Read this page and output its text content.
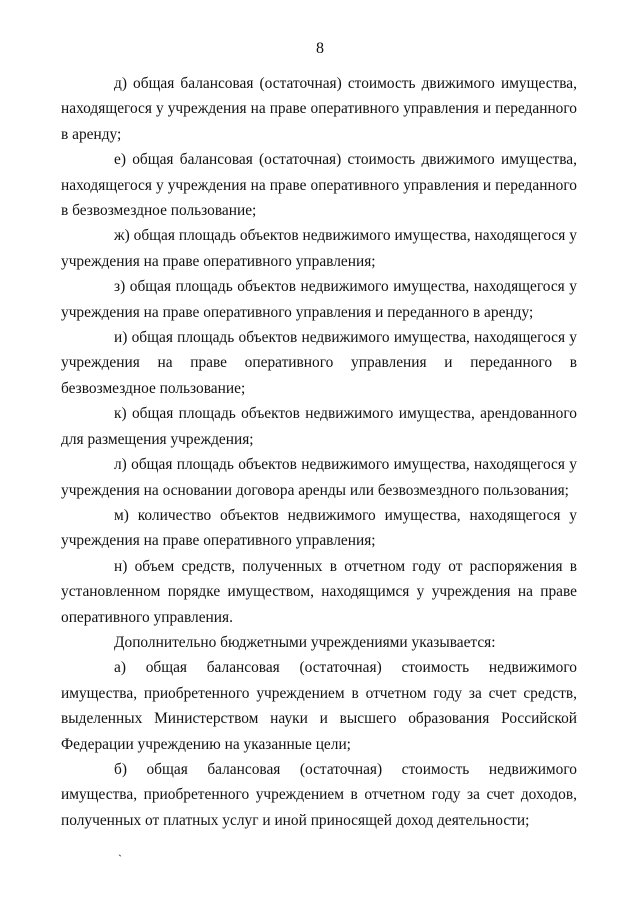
8

д) общая балансовая (остаточная) стоимость движимого имущества, находящегося у учреждения на праве оперативного управления и переданного в аренду;

е) общая балансовая (остаточная) стоимость движимого имущества, находящегося у учреждения на праве оперативного управления и переданного в безвозмездное пользование;

ж) общая площадь объектов недвижимого имущества, находящегося у учреждения на праве оперативного управления;

з) общая площадь объектов недвижимого имущества, находящегося у учреждения на праве оперативного управления и переданного в аренду;

и) общая площадь объектов недвижимого имущества, находящегося у учреждения на праве оперативного управления и переданного в безвозмездное пользование;

к) общая площадь объектов недвижимого имущества, арендованного для размещения учреждения;

л) общая площадь объектов недвижимого имущества, находящегося у учреждения на основании договора аренды или безвозмездного пользования;

м) количество объектов недвижимого имущества, находящегося у учреждения на праве оперативного управления;

н) объем средств, полученных в отчетном году от распоряжения в установленном порядке имуществом, находящимся у учреждения на праве оперативного управления.

Дополнительно бюджетными учреждениями указывается:

а) общая балансовая (остаточная) стоимость недвижимого имущества, приобретенного учреждением в отчетном году за счет средств, выделенных Министерством науки и высшего образования Российской Федерации учреждению на указанные цели;

б) общая балансовая (остаточная) стоимость недвижимого имущества, приобретенного учреждением в отчетном году за счет доходов, полученных от платных услуг и иной приносящей доход деятельности;

`
